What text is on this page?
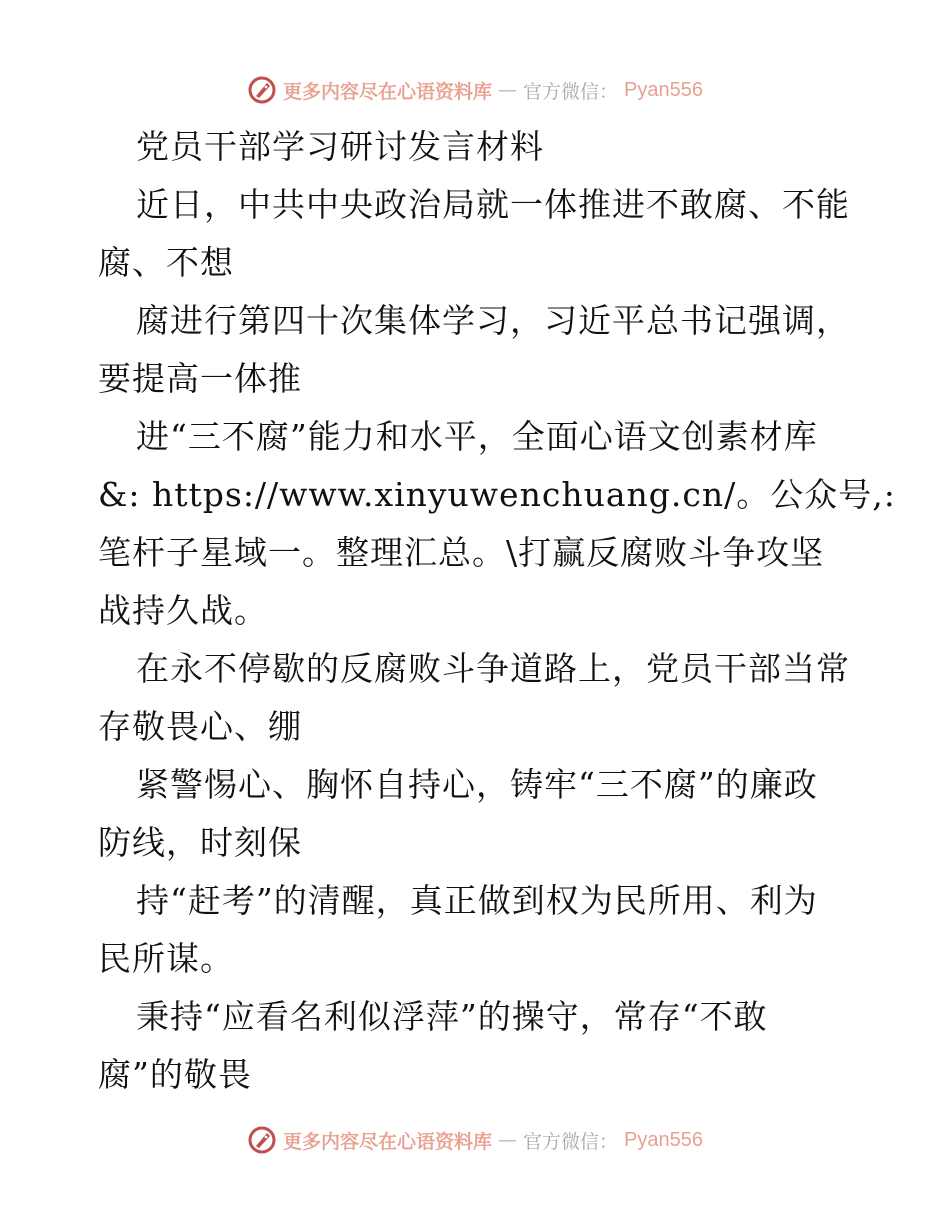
更多内容尽在心语资料库 — 官方微信： Pyan556
党员干部学习研讨发言材料
近日，中共中央政治局就一体推进不敢腐、不能
腐、不想
腐进行第四十次集体学习，习近平总书记强调，
要提高一体推
进“三不腐”能力和水平，全面心语文创素材库
&: https://www.xinyuwenchuang.cn/。公众号,:
笔杆子星域一。整理汇总。\打赢反腐败斗争攻坚
战持久战。
在永不停歇的反腐败斗争道路上，党员干部当常
存敬畏心、绷
紧警惕心、胸怀自持心，铸牢“三不腐”的廉政
防线，时刻保
持“赶考”的清醒，真正做到权为民所用、利为
民所谋。
秉持“应看名利似浮萍”的操守，常存“不敢
腐”的敬畏
更多内容尽在心语资料库 — 官方微信： Pyan556
